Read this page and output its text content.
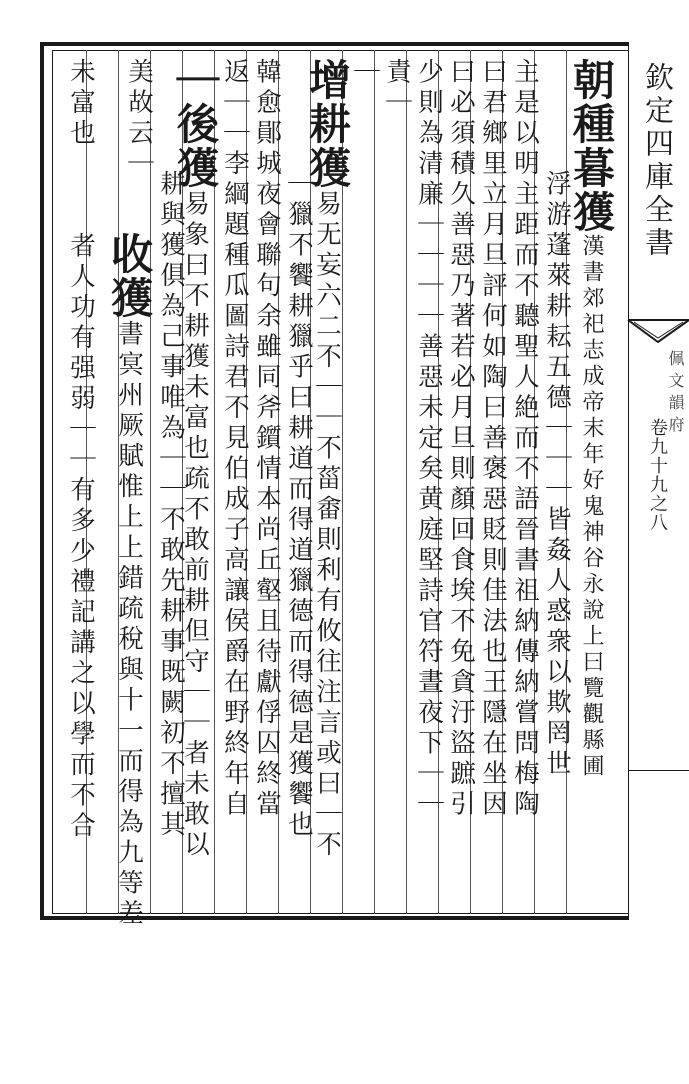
朝種暮獲漢書郊祀志成帝末年好鬼神谷永說上曰覽觀縣圃
浮游蓬萊耕耘五德｜｜｜皆姦人惑衆以欺罔世
主是以明主距而不聽聖人絶而不語晉書祖納傳納嘗問梅陶
曰君鄉里立月旦評何如陶曰善褒惡貶則佳法也王隱在坐因
曰必須積久善惡乃著若必月旦則顏回食埃不免貪汙盜蹠引
少則為清廉｜｜｜｜善惡未定矣黄庭堅詩官符晝夜下｜｜
責｜
｜
增耕獲易无妄六二不｜｜不菑畬則利有攸往注言或曰｜不
｜獵不饗耕獵乎曰耕道而得道獵德而得德是獲饗也
韓愈鄖城夜會聯句余雖同斧鑕情本尚丘壑且待獻俘囚終當
返｜｜李綱題種瓜圖詩君不見伯成子高讓侯爵在野終年自
｜後獲易象曰不耕獲未富也疏不敢前耕但守｜｜者未敢以
耕與獲俱為己事唯為｜｜不敢先耕事既闕初不擅其
美故云｜
收獲書㝠州厥賦惟上上錯疏稅與十一而得為九等差
未富也
者人功有强弱｜｜有多少禮記講之以學而不合
欽定四庫全書
佩文韻府
卷九十九之八
